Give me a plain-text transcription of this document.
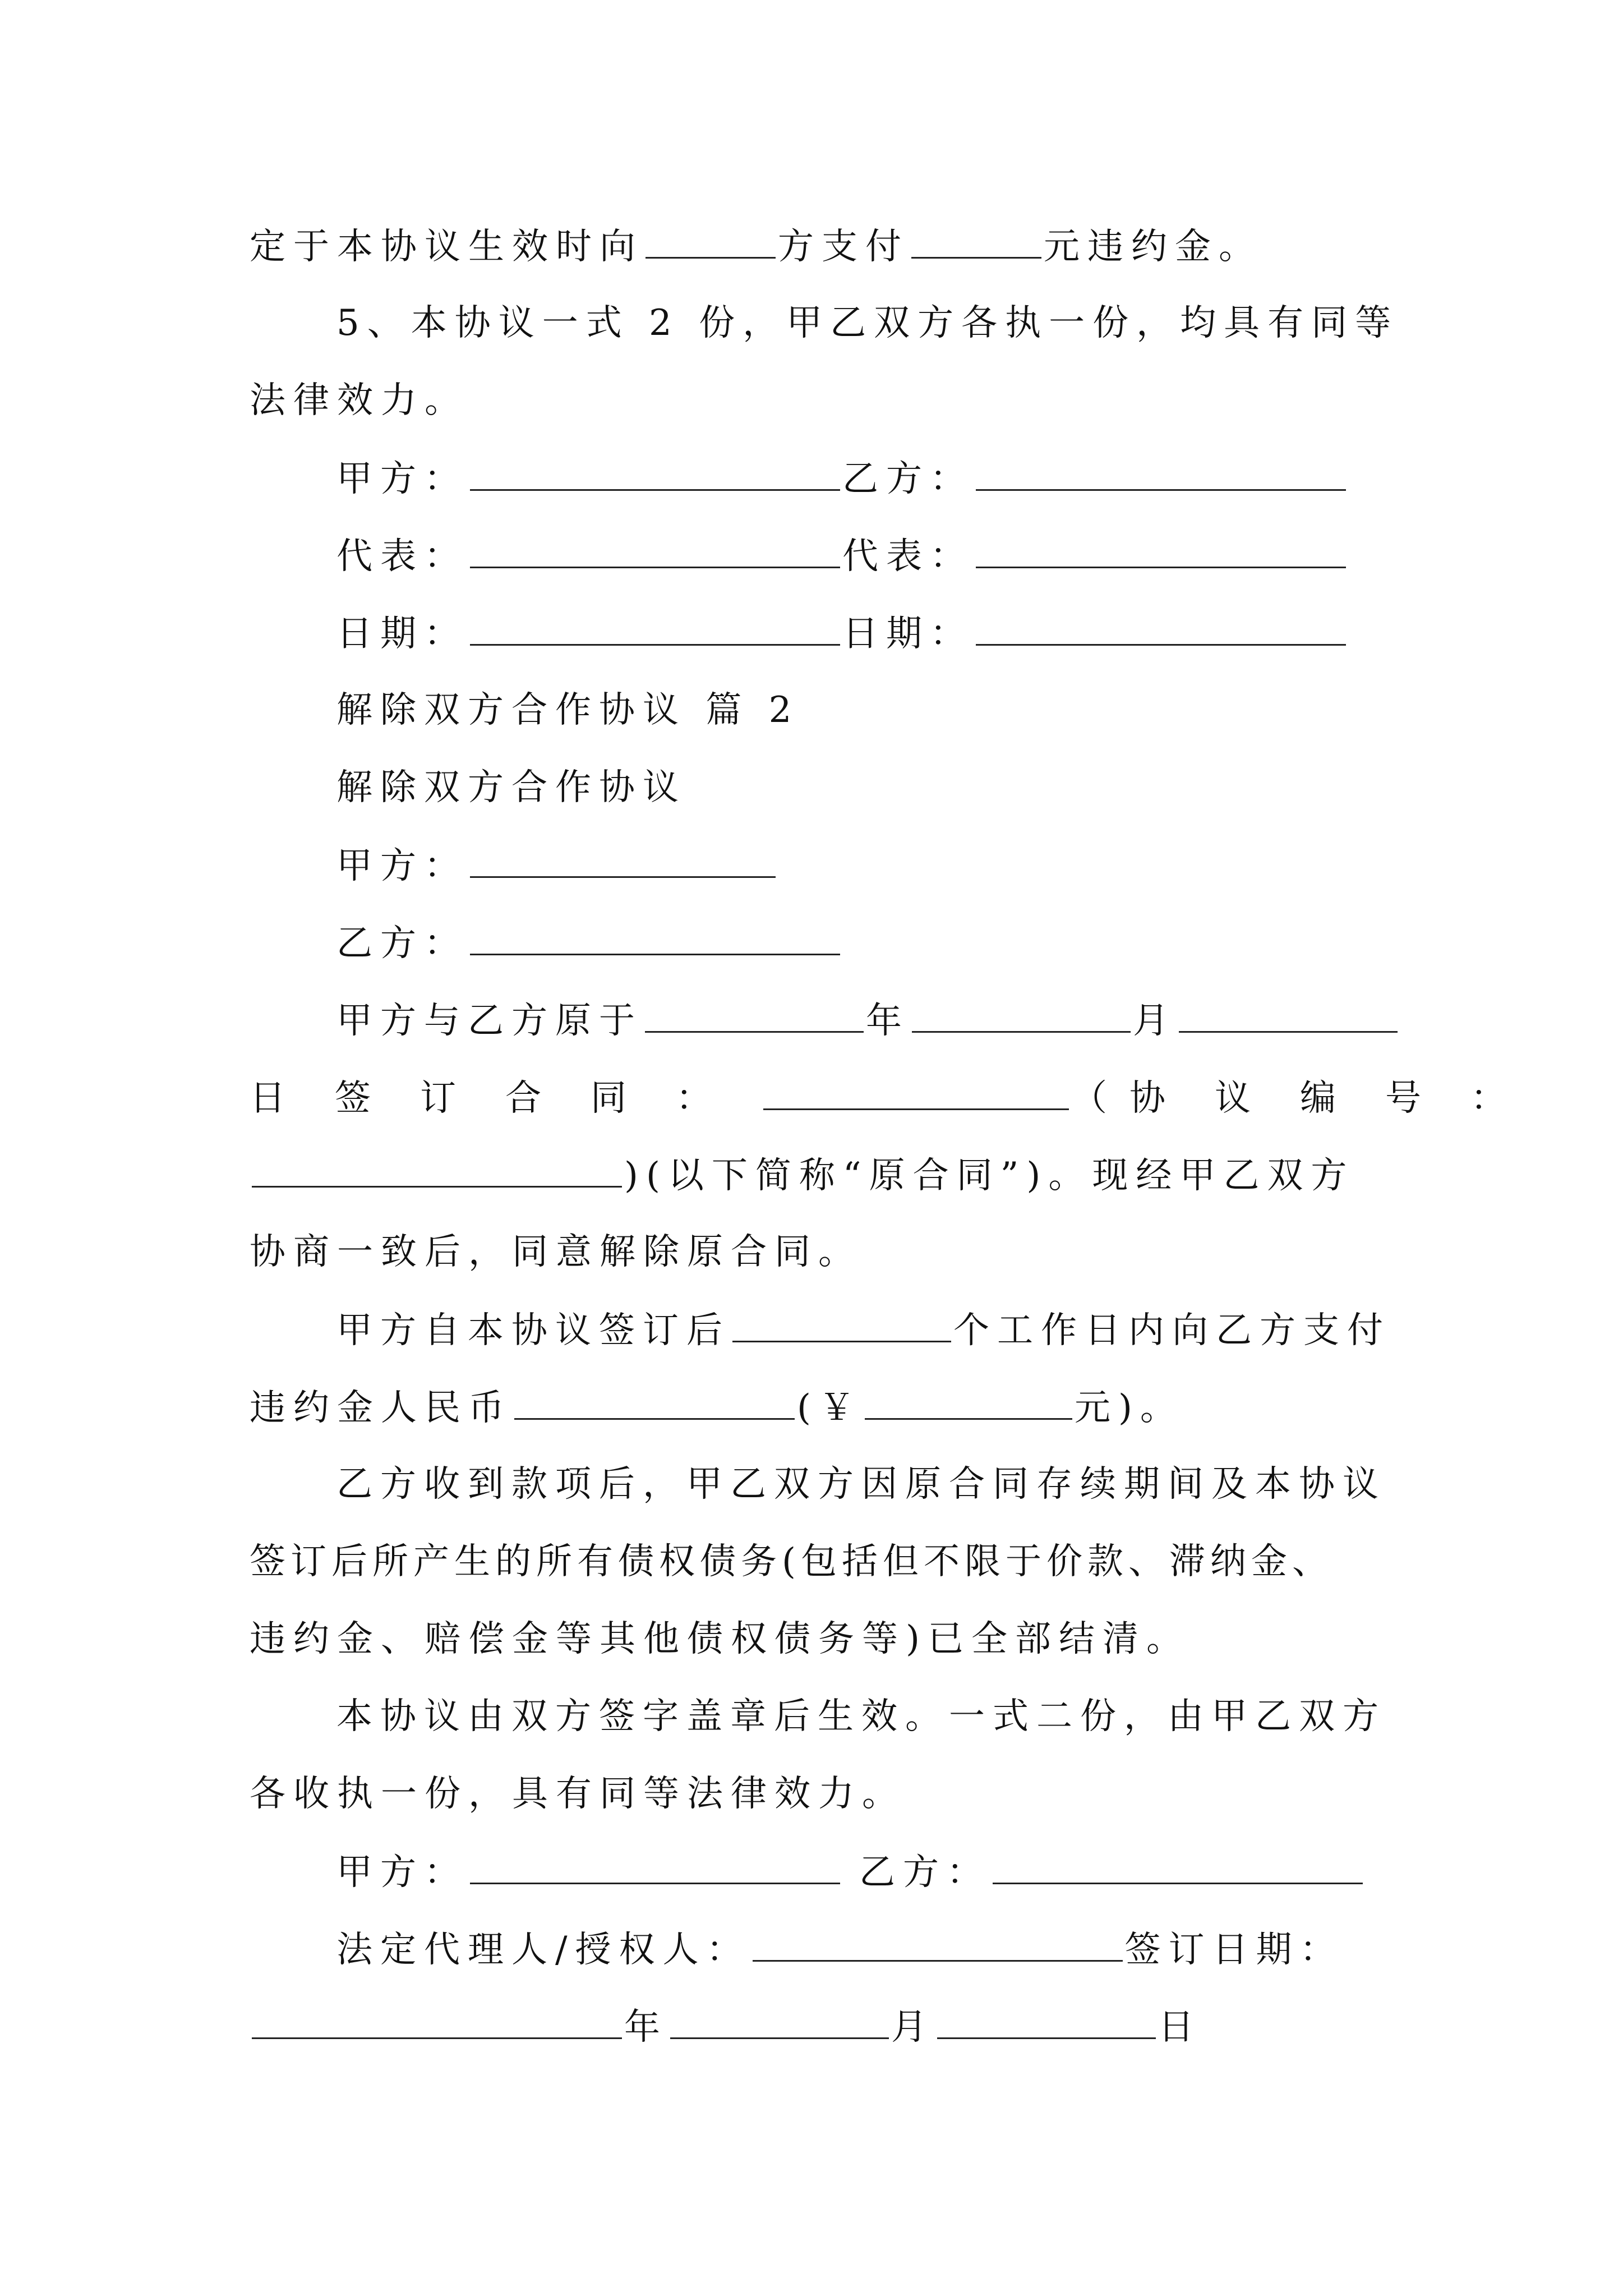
定于本协议生效时向	方支付	元违约金。
5、本协议一式 2 份，甲乙双方各执一份，均具有同等
法律效力。
甲方：	乙方：
代表：	代表：
日期：	日期：
解除双方合作协议 篇 2
解除双方合作协议
甲方：
乙方：
甲方与乙方原于	年	月
日 签 订 合 同 ：	（ 协 议 编 号 ：
)(以下简称“原合同”)。现经甲乙双方
协商一致后，同意解除原合同。
甲方自本协议签订后	个工作日内向乙方支付
违约金人民币	(￥	元)。
乙方收到款项后，甲乙双方因原合同存续期间及本协议
签订后所产生的所有债权债务(包括但不限于价款、滞纳金、
违约金、赔偿金等其他债权债务等)已全部结清。
本协议由双方签字盖章后生效。一式二份，由甲乙双方
各收执一份，具有同等法律效力。
甲方：	乙方：
法定代理人/授权人：	签订日期：
年	月	日
